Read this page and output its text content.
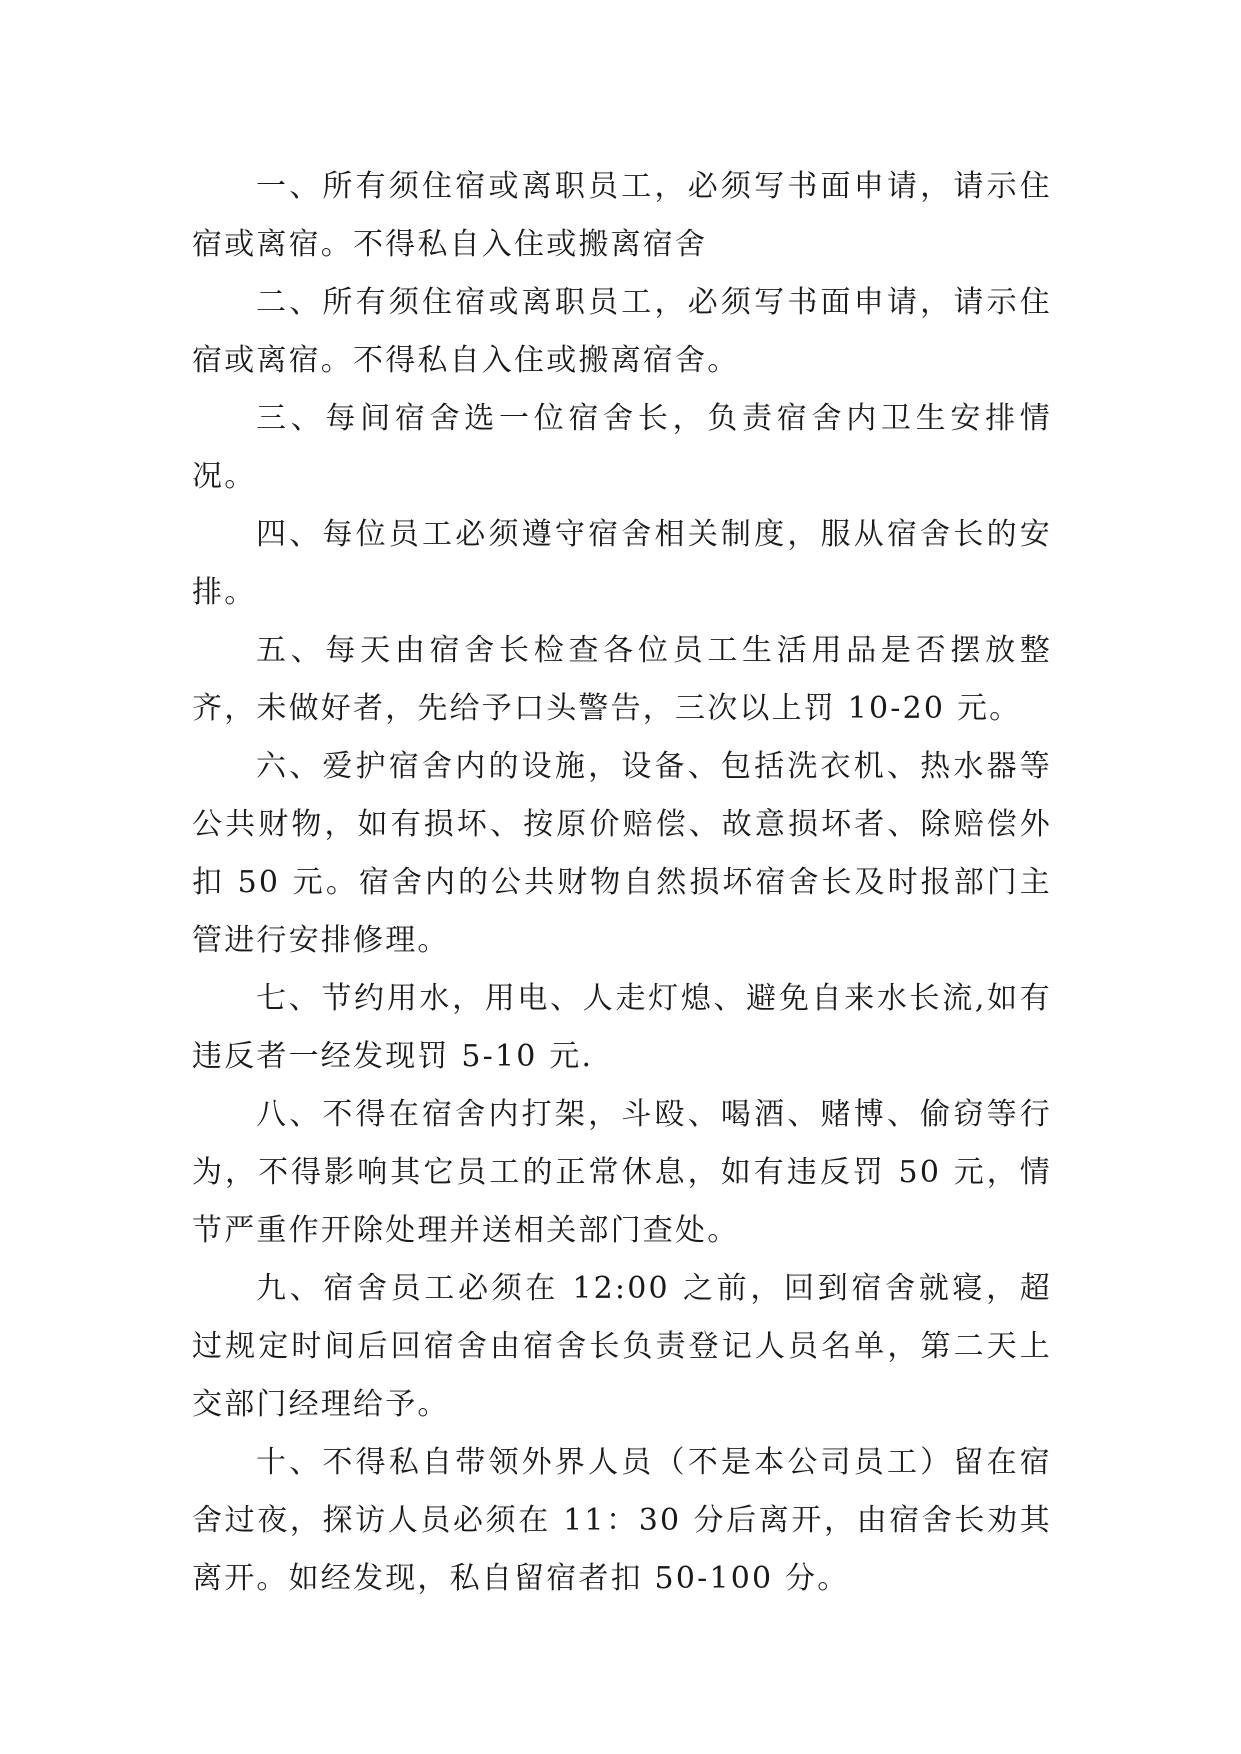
一、所有须住宿或离职员工，必须写书面申请，请示住宿或离宿。不得私自入住或搬离宿舍

二、所有须住宿或离职员工，必须写书面申请，请示住宿或离宿。不得私自入住或搬离宿舍。

三、每间宿舍选一位宿舍长，负责宿舍内卫生安排情况。

四、每位员工必须遵守宿舍相关制度，服从宿舍长的安排。

五、每天由宿舍长检查各位员工生活用品是否摆放整齐，未做好者，先给予口头警告，三次以上罚 10-20 元。

六、爱护宿舍内的设施，设备、包括洗衣机、热水器等公共财物，如有损坏、按原价赔偿、故意损坏者、除赔偿外扣 50 元。宿舍内的公共财物自然损坏宿舍长及时报部门主管进行安排修理。

七、节约用水，用电、人走灯熄、避免自来水长流,如有违反者一经发现罚 5-10 元.

八、不得在宿舍内打架，斗殴、喝酒、赌博、偷窃等行为，不得影响其它员工的正常休息，如有违反罚 50 元，情节严重作开除处理并送相关部门查处。

九、宿舍员工必须在 12:00 之前，回到宿舍就寝，超过规定时间后回宿舍由宿舍长负责登记人员名单，第二天上交部门经理给予。

十、不得私自带领外界人员（不是本公司员工）留在宿舍过夜，探访人员必须在 11：30 分后离开，由宿舍长劝其离开。如经发现，私自留宿者扣 50-100 分。
